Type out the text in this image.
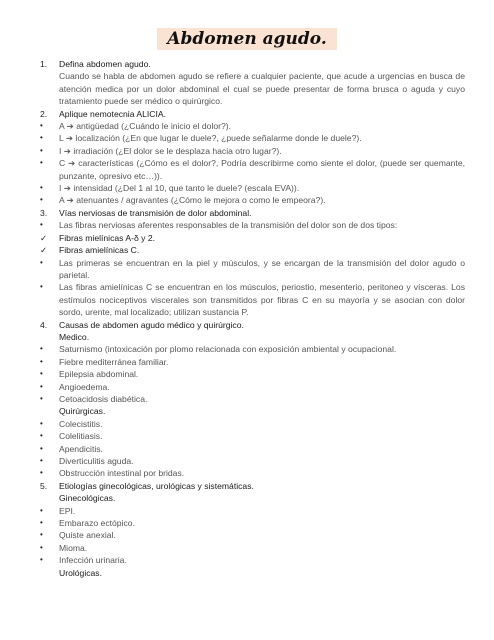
Abdomen agudo.
1.	Defina abdomen agudo.
Cuando se habla de abdomen agudo se refiere a cualquier paciente, que acude a urgencias en busca de atención medica por un dolor abdominal el cual se puede presentar de forma brusca o aguda y cuyo tratamiento puede ser médico o quirúrgico.
2.	Aplique nemotecnia ALICIA.
•	A ➔ antigüedad (¿Cuándo le inicio el dolor?).
•	L ➔ localización (¿En que lugar le duele?, ¿puede señalarme donde le duele?).
•	I ➔ irradiación (¿El dolor se le desplaza hacia otro lugar?).
•	C ➔ características (¿Cómo es el dolor?, Podría describirme como siente el dolor, (puede ser quemante, punzante, opresivo etc…)).
•	I ➔ intensidad (¿Del 1 al 10, que tanto le duele? (escala EVA)).
•	A ➔ atenuantes / agravantes (¿Cómo le mejora o como le empeora?).
3.	Vías nerviosas de transmisión de dolor abdominal.
•	Las fibras nerviosas aferentes responsables de la transmisión del dolor son de dos tipos:
✓	Fibras mielínicas A-δ y 2.
✓	Fibras amielínicas C.
•	Las primeras se encuentran en la piel y músculos, y se encargan de la transmisión del dolor agudo o parietal.
•	Las fibras amielínicas C se encuentran en los músculos, periostio, mesenterio, peritoneo y vísceras. Los estímulos nociceptivos viscerales son transmitidos por fibras C en su mayoría y se asocian con dolor sordo, urente, mal localizado; utilizan sustancia P.
4.	Causas de abdomen agudo médico y quirúrgico.
Medico.
•	Saturnismo (intoxicación por plomo relacionada con exposición ambiental y ocupacional.
•	Fiebre mediterránea familiar.
•	Epilepsia abdominal.
•	Angioedema.
•	Cetoacidosis diabética.
Quirúrgicas.
•	Colecistitis.
•	Colelitiasis.
•	Apendicitis.
•	Diverticulitis aguda.
•	Obstrucción intestinal por bridas.
5.	Etiologías ginecológicas, urológicas y sistemáticas.
Ginecológicas.
•	EPI.
•	Embarazo ectópico.
•	Quiste anexial.
•	Mioma.
•	Infección urinaria.
Urológicas.
